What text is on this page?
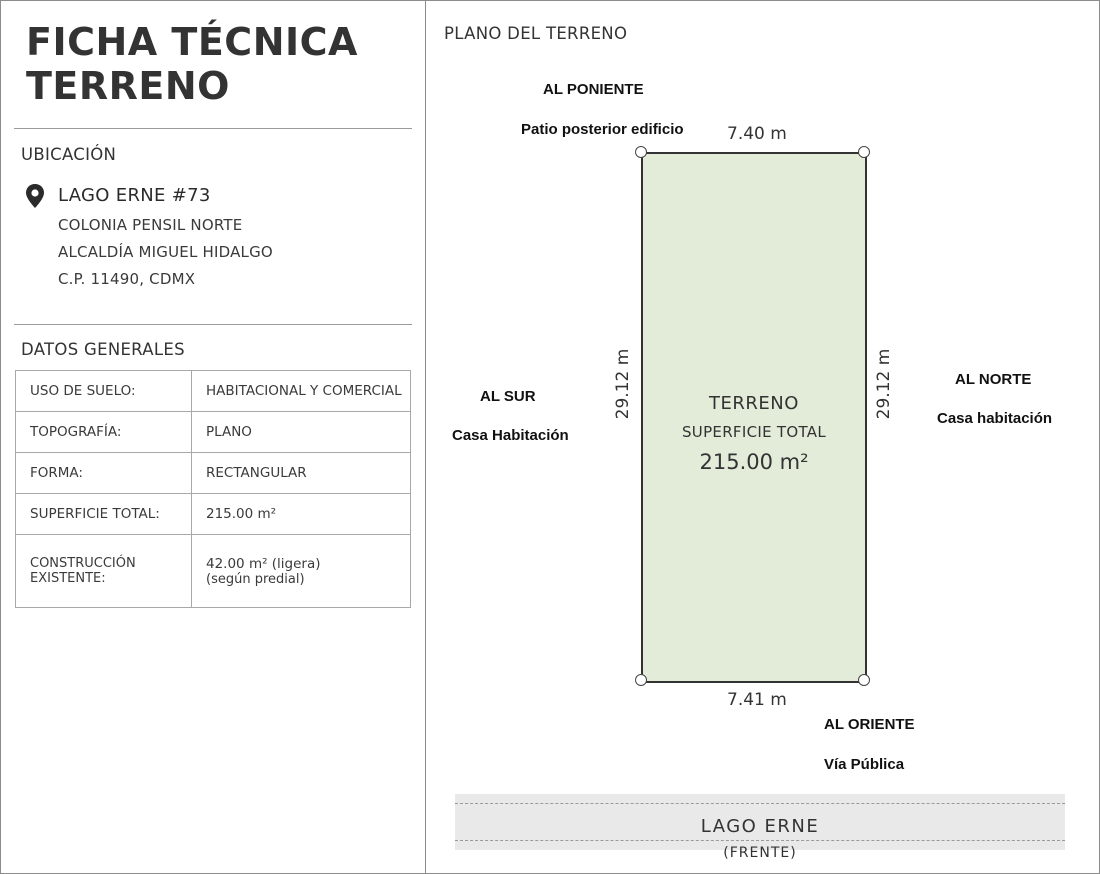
FICHA TÉCNICA
TERRENO
UBICACIÓN
LAGO ERNE #73
COLONIA PENSIL NORTE
ALCALDÍA MIGUEL HIDALGO
C.P. 11490, CDMX
DATOS GENERALES
USO DE SUELO:	HABITACIONAL Y COMERCIAL
TOPOGRAFÍA:	PLANO
FORMA:	RECTANGULAR
SUPERFICIE TOTAL:	215.00 m²

CONSTRUCCIÓN
EXISTENTE:	42.00 m² (ligera)
(según predial)
PLANO DEL TERRENO
AL PONIENTE
Patio posterior edificio
AL SUR
Casa Habitación
AL NORTE
Casa habitación
AL ORIENTE
Vía Pública
7.40 m
7.41 m
29.12 m	29.12 m
TERRENO
SUPERFICIE TOTAL
215.00 m²
LAGO ERNE
(FRENTE)
